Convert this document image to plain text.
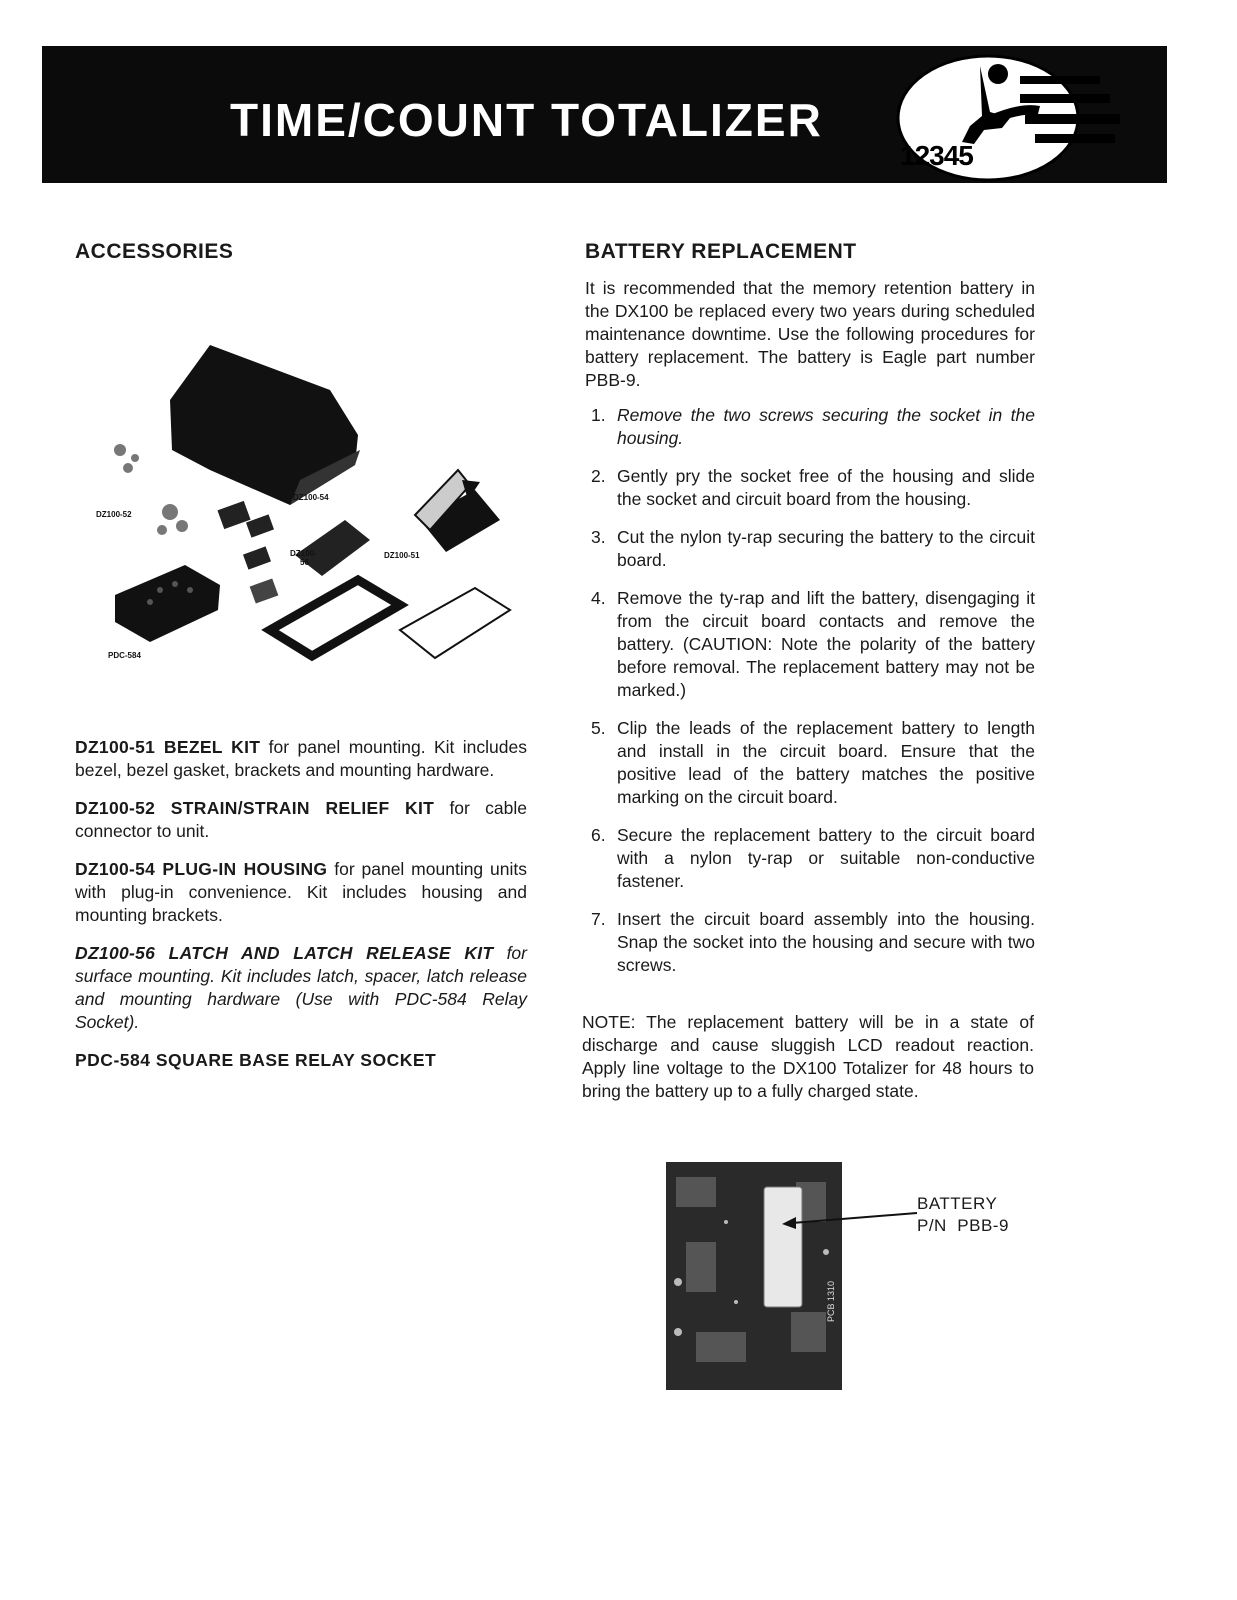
TIME/COUNT TOTALIZER
12345
ACCESSORIES
DZ100-52
DZ100-54
DZ100-
56
DZ100-51
PDC-584

DZ100-51 BEZEL KIT for panel mounting. Kit includes bezel, bezel gasket, brackets and mounting hardware.

DZ100-52 STRAIN/STRAIN RELIEF KIT for cable connector to unit.

DZ100-54 PLUG-IN HOUSING for panel mounting units with plug-in convenience. Kit includes housing and mounting brackets.

DZ100-56 LATCH AND LATCH RELEASE KIT for surface mounting. Kit includes latch, spacer, latch release and mounting hardware (Use with PDC-584 Relay Socket).

PDC-584 SQUARE BASE RELAY SOCKET

BATTERY REPLACEMENT

It is recommended that the memory retention battery in the DX100 be replaced every two years during scheduled maintenance downtime. Use the following procedures for battery replacement. The battery is Eagle part number PBB-9.

1. Remove the two screws securing the socket in the housing.
2. Gently pry the socket free of the housing and slide the socket and circuit board from the housing.
3. Cut the nylon ty-rap securing the battery to the circuit board.
4. Remove the ty-rap and lift the battery, disengaging it from the circuit board contacts and remove the battery. (CAUTION: Note the polarity of the battery before removal. The replacement battery may not be marked.)
5. Clip the leads of the replacement battery to length and install in the circuit board. Ensure that the positive lead of the battery matches the positive marking on the circuit board.
6. Secure the replacement battery to the circuit board with a nylon ty-rap or suitable non-conductive fastener.
7. Insert the circuit board assembly into the housing. Snap the socket into the housing and secure with two screws.

NOTE: The replacement battery will be in a state of discharge and cause sluggish LCD readout reaction. Apply line voltage to the DX100 Totalizer for 48 hours to bring the battery up to a fully charged state.

PCB 1310
BATTERY
P/N  PBB-9
